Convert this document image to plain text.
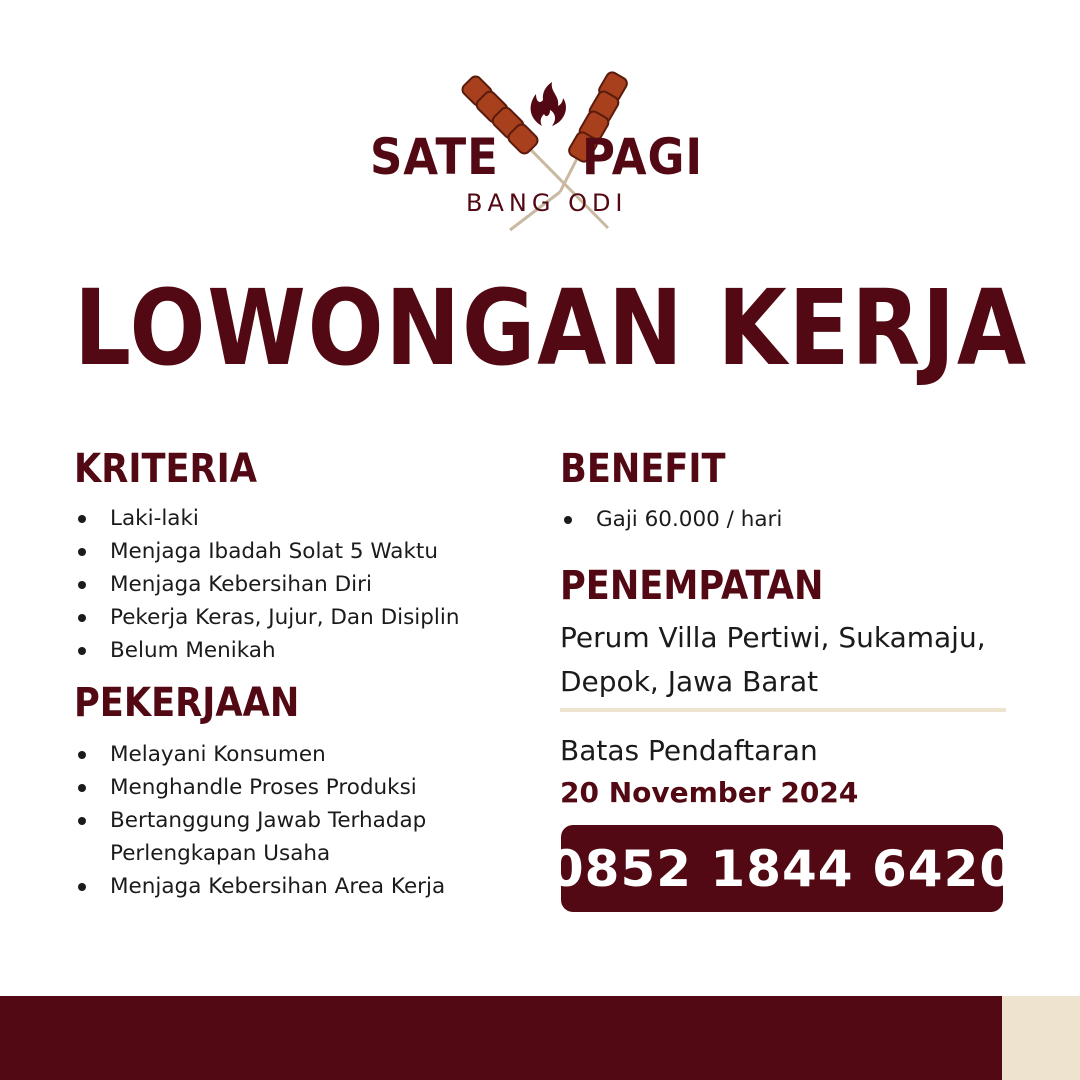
SATE PAGI
BANG ODI
LOWONGAN KERJA
KRITERIA
Laki-laki
Menjaga Ibadah Solat 5 Waktu
Menjaga Kebersihan Diri
Pekerja Keras, Jujur, Dan Disiplin
Belum Menikah
PEKERJAAN
Melayani Konsumen
Menghandle Proses Produksi
Bertanggung Jawab Terhadap
Perlengkapan Usaha
Menjaga Kebersihan Area Kerja
BENEFIT
Gaji 60.000 / hari
PENEMPATAN

Perum Villa Pertiwi, Sukamaju,
Depok, Jawa Barat

Batas Pendaftaran
20 November 2024
0852 1844 6420
